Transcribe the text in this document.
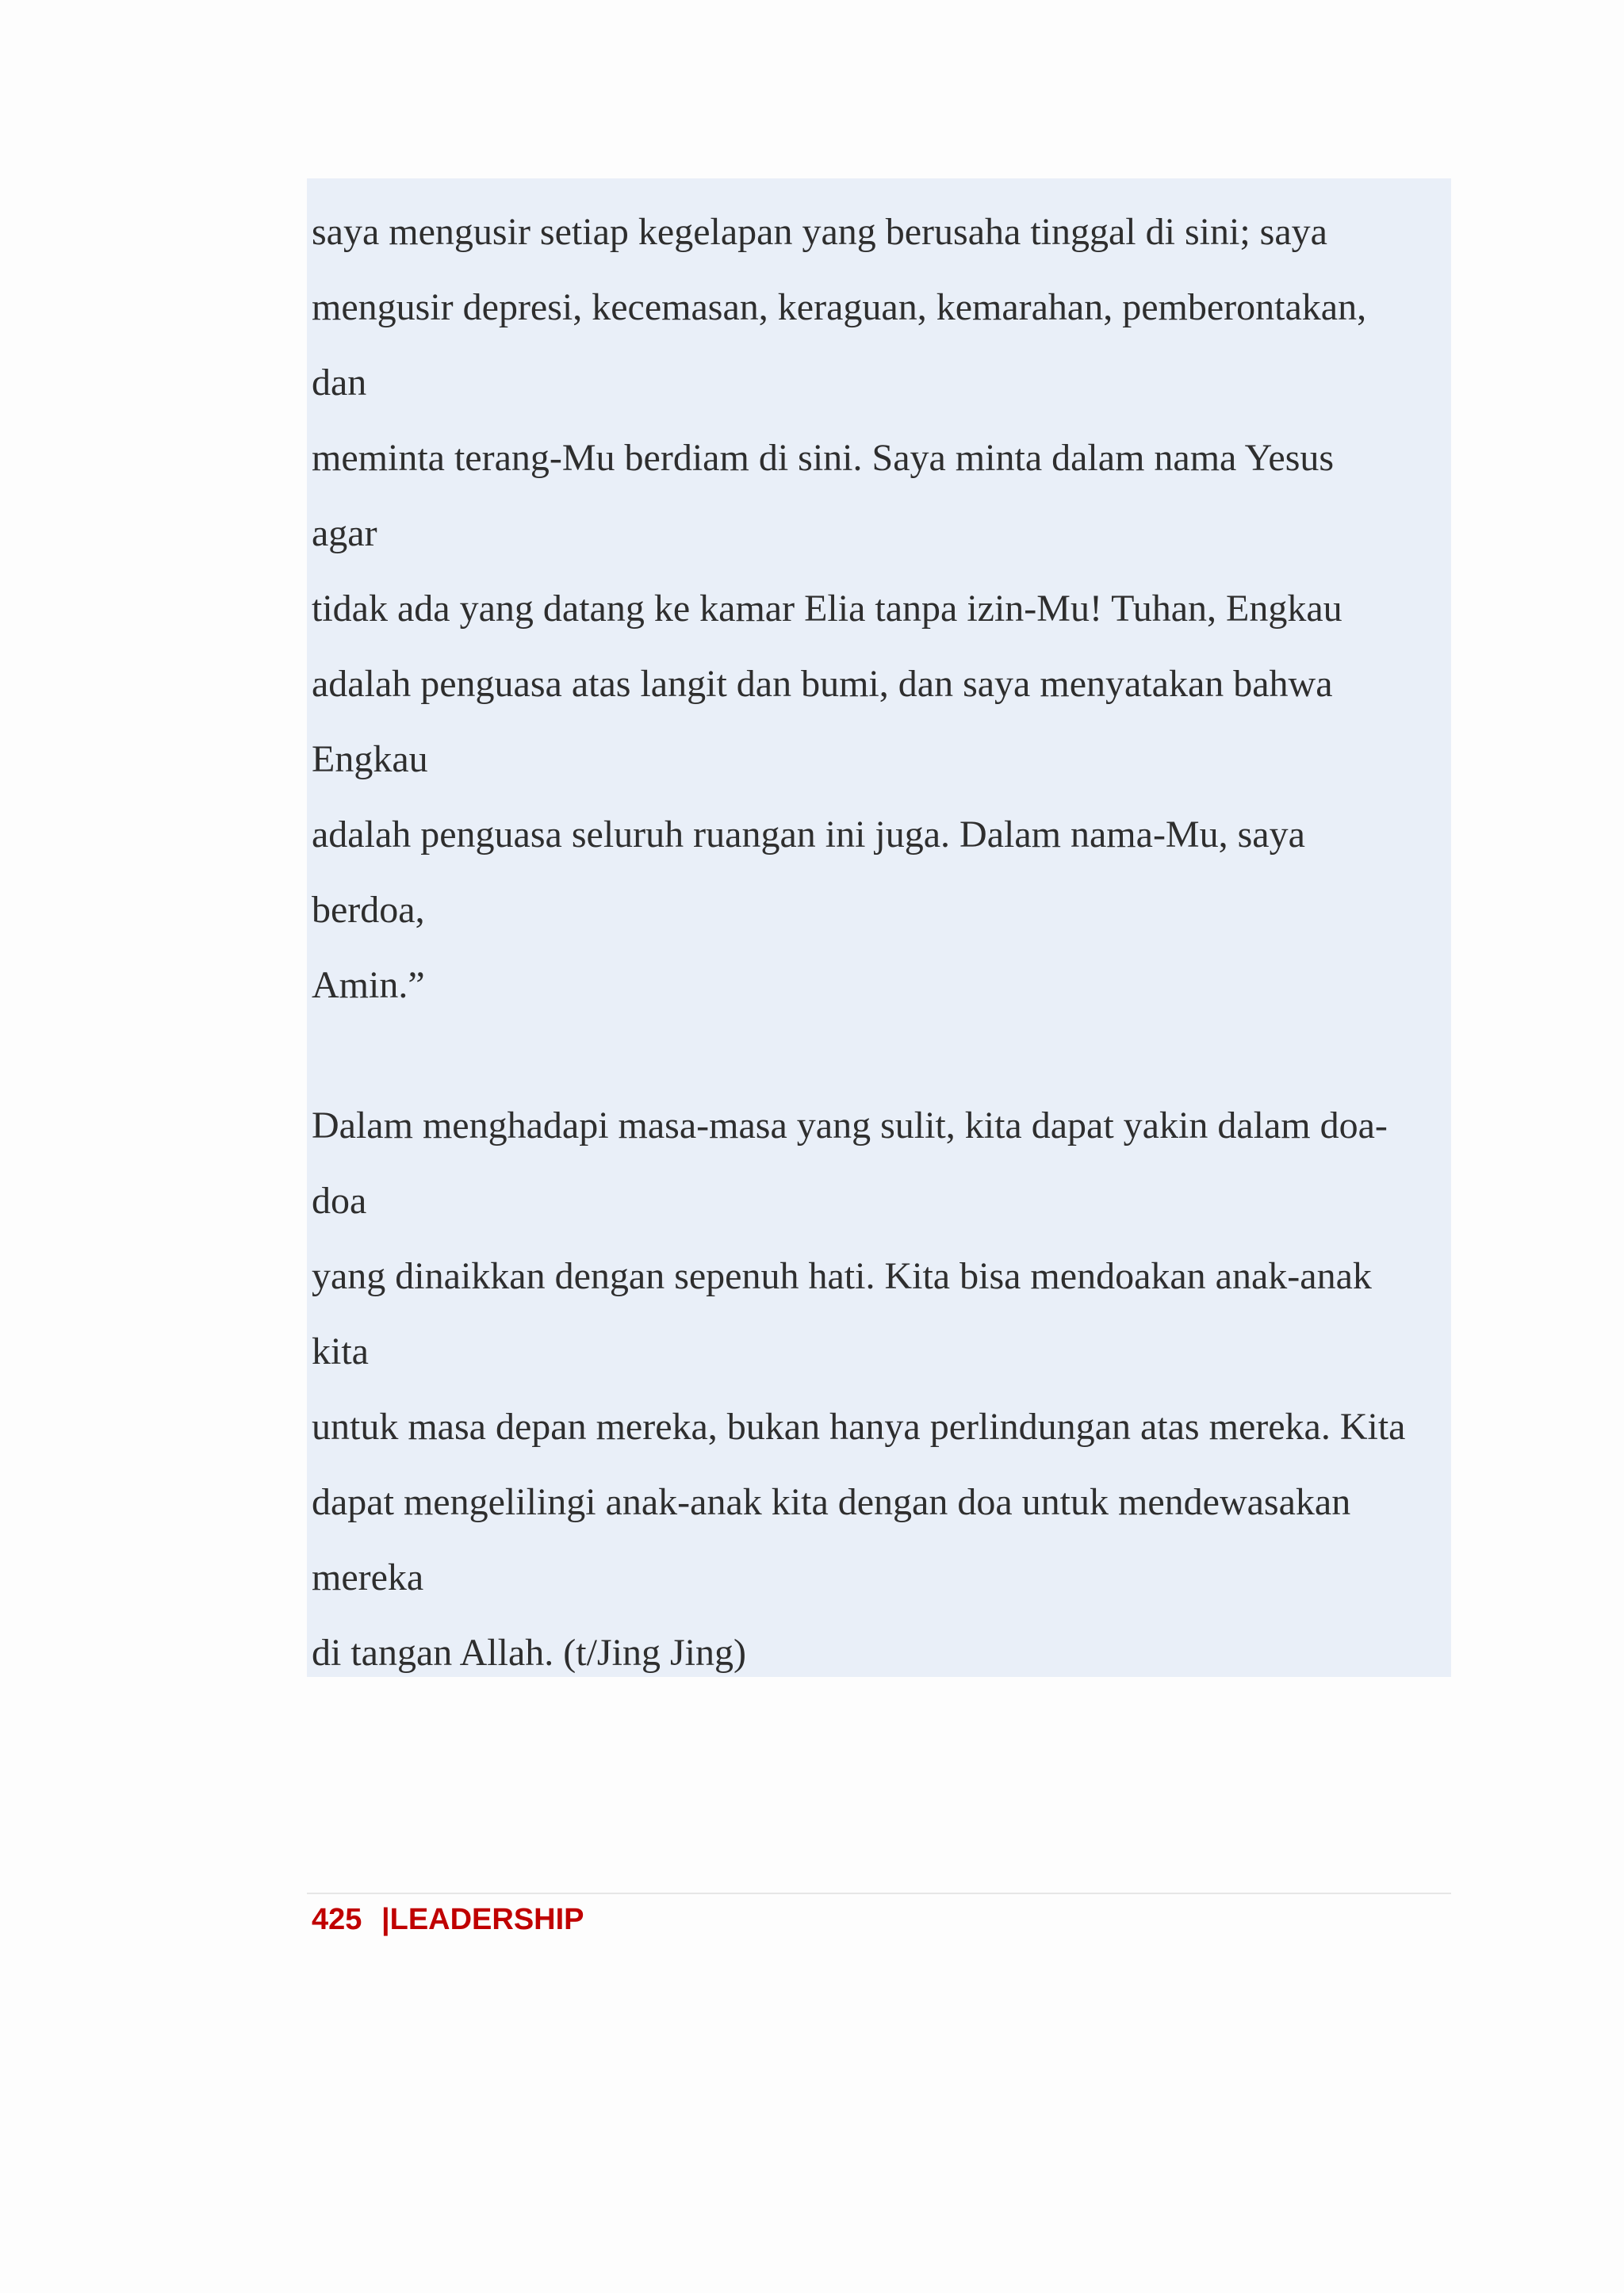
saya mengusir setiap kegelapan yang berusaha tinggal di sini; saya
mengusir depresi, kecemasan, keraguan, kemarahan, pemberontakan,
dan
meminta terang-Mu berdiam di sini. Saya minta dalam nama Yesus
agar
tidak ada yang datang ke kamar Elia tanpa izin-Mu! Tuhan, Engkau
adalah penguasa atas langit dan bumi, dan saya menyatakan bahwa
Engkau
adalah penguasa seluruh ruangan ini juga. Dalam nama-Mu, saya
berdoa,
Amin.”
Dalam menghadapi masa-masa yang sulit, kita dapat yakin dalam doa-
doa
yang dinaikkan dengan sepenuh hati. Kita bisa mendoakan anak-anak
kita
untuk masa depan mereka, bukan hanya perlindungan atas mereka. Kita
dapat mengelilingi anak-anak kita dengan doa untuk mendewasakan
mereka
di tangan Allah. (t/Jing Jing)
425 |LEADERSHIP
